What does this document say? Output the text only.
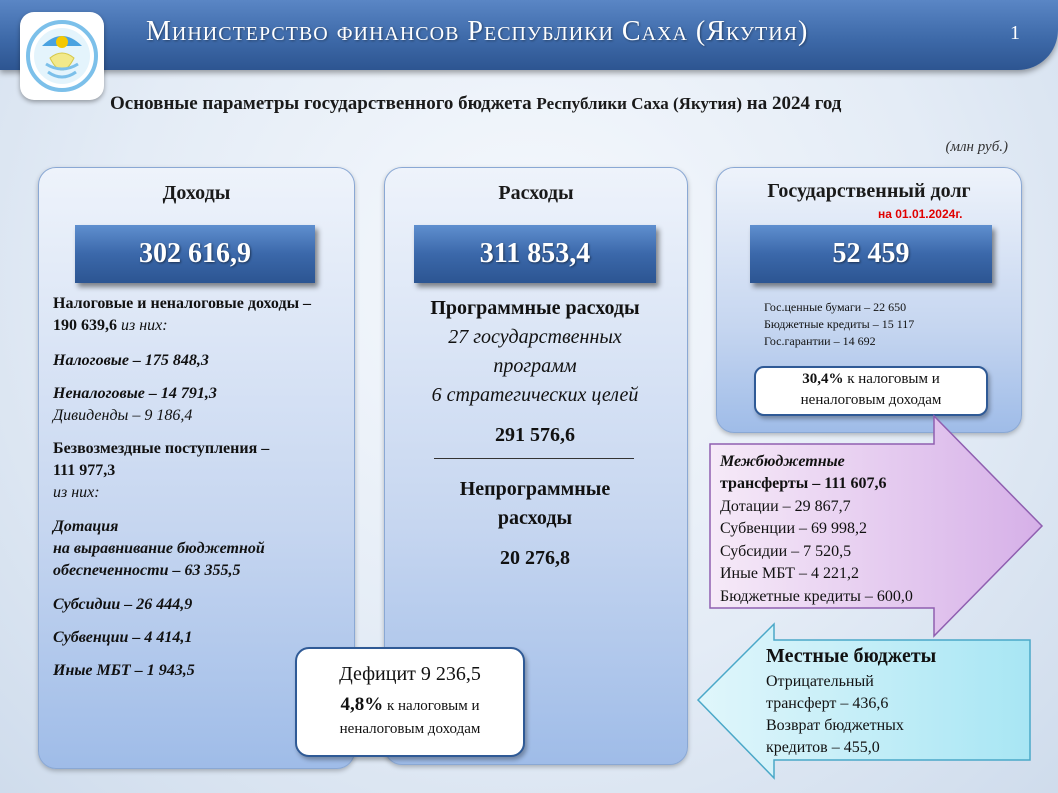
Министерство финансов Республики Саха (Якутия)	1
Основные параметры государственного бюджета Республики Саха (Якутия) на 2024 год
(млн руб.)
Доходы
302 616,9
Налоговые и неналоговые доходы – 190 639,6 из них:
Налоговые – 175 848,3
Неналоговые – 14 791,3
Дивиденды – 9 186,4
Безвозмездные поступления – 111 977,3
из них:
Дотация
на выравнивание бюджетной
обеспеченности – 63 355,5
Субсидии – 26 444,9
Субвенции – 4 414,1
Иные МБТ – 1 943,5
Расходы
311 853,4
Программные расходы
27 государственных
программ
6 стратегических целей
291 576,6
Непрограммные
расходы
20 276,8
Дефицит 9 236,5
4,8% к налоговым и
неналоговым доходам
Государственный долг
на 01.01.2024г.
52 459
Гос.ценные бумаги – 22 650
Бюджетные кредиты – 15 117
Гос.гарантии – 14 692
30,4% к налоговым и
неналоговым доходам
Межбюджетные
трансферты – 111 607,6
Дотации – 29 867,7
Субвенции – 69 998,2
Субсидии – 7 520,5
Иные МБТ – 4 221,2
Бюджетные кредиты – 600,0
Местные бюджеты
Отрицательный
трансферт – 436,6
Возврат бюджетных
кредитов – 455,0
